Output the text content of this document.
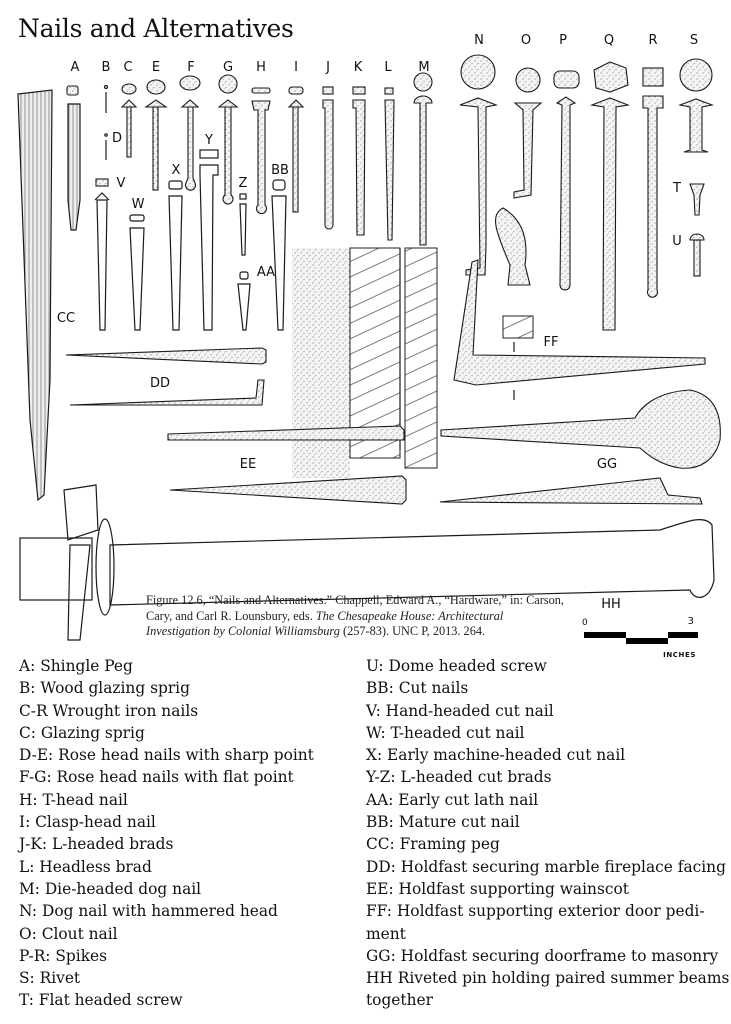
Nails and Alternatives
A B C E F G H I J K L M
N	O P	Q	R S
D
V
W
X
Y
Z
AA
BB
T
U
CC
DD
EE
FF
GG
HH
Figure 12.6, “Nails and Alternatives.” Chappell, Edward A., “Hardware,” in: Carson, Cary, and Carl R. Lounsbury, eds. The Chesapeake House: Architectural Investigation by Colonial Williamsburg (257-83). UNC P, 2013. 264.
0	3
INCHES
A: Shingle Peg
B: Wood glazing sprig
C-R Wrought iron nails
C: Glazing sprig
D-E: Rose head nails with sharp point
F-G: Rose head nails with flat point
H: T-head nail
I: Clasp-head nail
J-K: L-headed brads
L: Headless brad
M: Die-headed dog nail
N: Dog nail with hammered head
O: Clout nail
P-R: Spikes
S: Rivet
T: Flat headed screw
U: Dome headed screw
BB: Cut nails
V: Hand-headed cut nail
W: T-headed cut nail
X: Early machine-headed cut nail
Y-Z: L-headed cut brads
AA: Early cut lath nail
BB: Mature cut nail
CC: Framing peg
DD: Holdfast securing marble fireplace facing
EE: Holdfast supporting wainscot
FF: Holdfast supporting exterior door pedi-
ment
GG: Holdfast securing doorframe to masonry
HH Riveted pin holding paired summer beams
together
